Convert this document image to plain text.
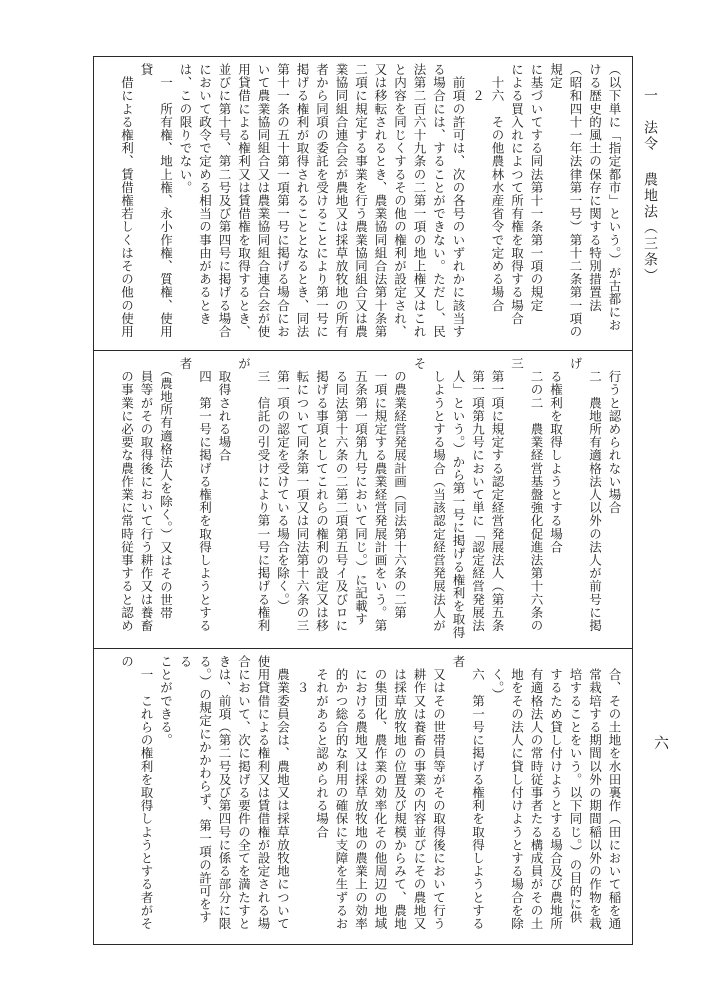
一　法令農地法（三条）
（以下単に「指定都市」という。）が古都にお
ける歴史的風土の保存に関する特別措置法
（昭和四十一年法律第一号）第十二条第一項の規定
に基づいてする同法第十一条第一項の規定
による買入れによつて所有権を取得する場合
　十六　その他農林水産省令で定める場合
　　２
　前項の許可は、次の各号のいずれかに該当す
る場合には、することができない。ただし、民
法第二百六十九条の二第一項の地上権又はこれ
と内容を同じくするその他の権利が設定され、
又は移転されるとき、農業協同組合法第十条第
二項に規定する事業を行う農業協同組合又は農
業協同組合連合会が農地又は採草放牧地の所有
者から同項の委託を受けることにより第一号に
掲げる権利が取得されることとなるとき、同法
第十一条の五十第一項第一号に掲げる場合にお
いて農業協同組合又は農業協同組合連合会が使
用貸借による権利又は賃借権を取得するとき、
並びに第十号、第二号及び第四号に掲げる場合
において政令で定める相当の事由があるとき
は、この限りでない。
　一　所有権、地上権、永小作権、質権、使用貸
　借による権利、賃借権若しくはその他の使用
　行うと認められない場合
　二　農地所有適格法人以外の法人が前号に掲げ
　る権利を取得しようとする場合
　二の二　農業経営基盤強化促進法第十六条の三
　第一項に規定する認定経営発展法人（第五条
　第一項第九号において単に「認定経営発展法
　人」という。）から第一号に掲げる権利を取得
　しようとする場合（当該認定経営発展法人がそ
　の農業経営発展計画（同法第十六条の二第
　一項に規定する農業経営発展計画をいう。第
　五条第一項第九号において同じ。）に記載す
　る同法第十六条の二第二項第五号イ及びロに
　掲げる事項としてこれらの権利の設定又は移
　転について同条第一項又は同法第十六条の三
　第一項の認定を受けている場合を除く。）
　三　信託の引受けにより第一号に掲げる権利が
　取得される場合
　四　第一号に掲げる権利を取得しようとする者
　（農地所有適格法人を除く。）又はその世帯
　員等がその取得後において行う耕作又は養畜
　の事業に必要な農作業に常時従事すると認め
　合、その土地を水田裏作（田において稲を通
　常栽培する期間以外の期間稲以外の作物を栽
　培することをいう。以下同じ。）の目的に供
　するため貸し付けようとする場合及び農地所
　有適格法人の常時従事者たる構成員がその土
　地をその法人に貸し付けようとする場合を除
　く。）
　六　第一号に掲げる権利を取得しようとする者
　又はその世帯員等がその取得後において行う
　耕作又は養畜の事業の内容並びにその農地又
　は採草放牧地の位置及び規模からみて、農地
　の集団化、農作業の効率化その他周辺の地域
　における農地又は採草放牧地の農業上の効率
　的かつ総合的な利用の確保に支障を生ずるお
　それがあると認められる場合
　　３
　農業委員会は、農地又は採草放牧地について
使用貸借による権利又は賃借権が設定される場
合において、次に掲げる要件の全てを満たすと
きは、前項（第二号及び第四号に係る部分に限
る。）の規定にかかわらず、第一項の許可をする
ことができる。
　一　これらの権利を取得しようとする者がその
六
